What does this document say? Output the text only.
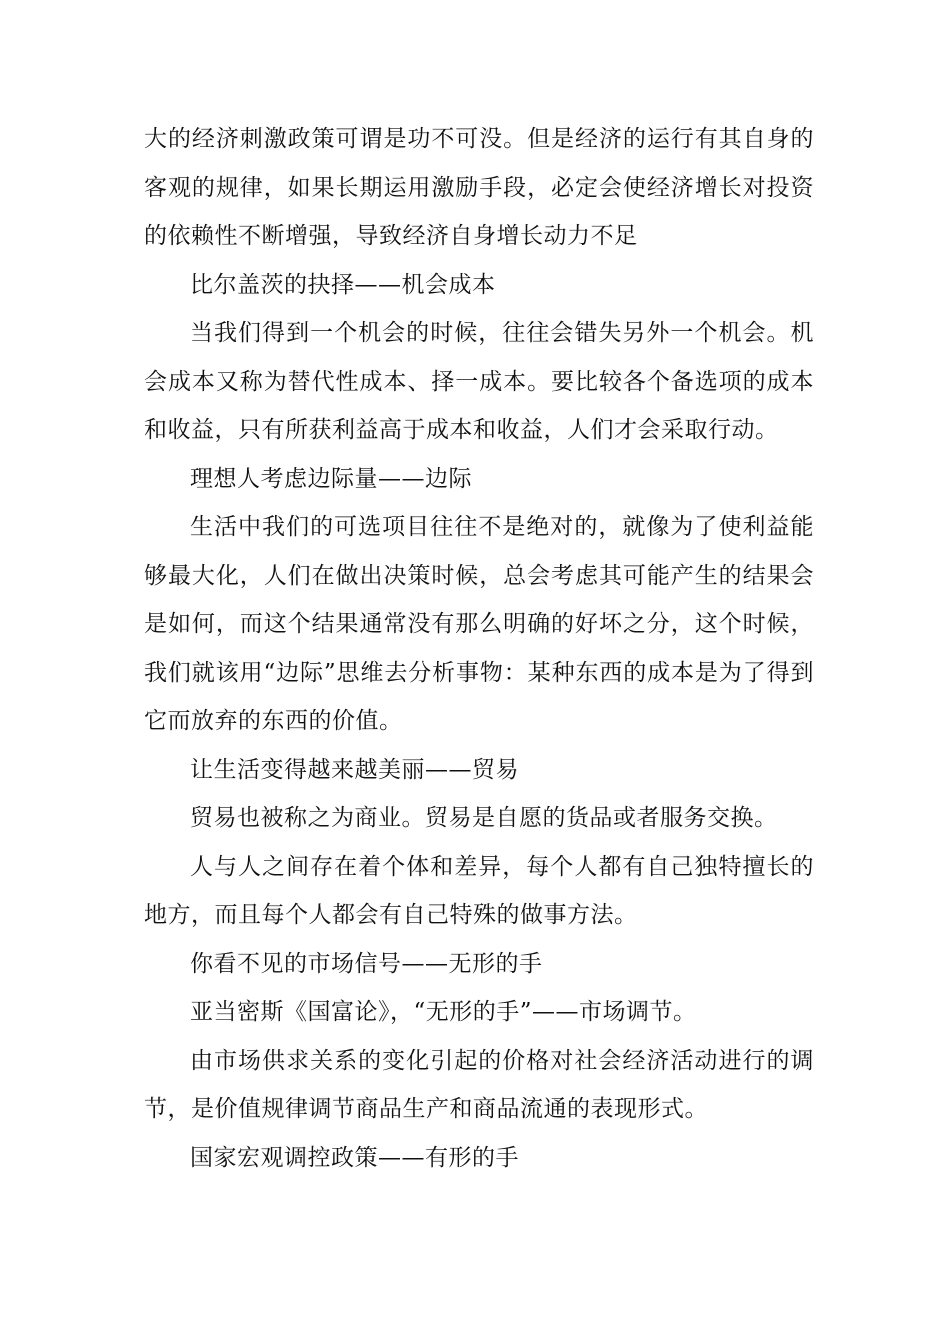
大的经济刺激政策可谓是功不可没。但是经济的运行有其自身的客观的规律，如果长期运用激励手段，必定会使经济增长对投资的依赖性不断增强，导致经济自身增长动力不足

比尔盖茨的抉择——机会成本

当我们得到一个机会的时候，往往会错失另外一个机会。机会成本又称为替代性成本、择一成本。要比较各个备选项的成本和收益，只有所获利益高于成本和收益，人们才会采取行动。

理想人考虑边际量——边际

生活中我们的可选项目往往不是绝对的，就像为了使利益能够最大化，人们在做出决策时候，总会考虑其可能产生的结果会是如何，而这个结果通常没有那么明确的好坏之分，这个时候，我们就该用“边际”思维去分析事物：某种东西的成本是为了得到它而放弃的东西的价值。

让生活变得越来越美丽——贸易

贸易也被称之为商业。贸易是自愿的货品或者服务交换。

人与人之间存在着个体和差异，每个人都有自己独特擅长的地方，而且每个人都会有自己特殊的做事方法。

你看不见的市场信号——无形的手

亚当密斯《国富论》，“无形的手”——市场调节。

由市场供求关系的变化引起的价格对社会经济活动进行的调节，是价值规律调节商品生产和商品流通的表现形式。

国家宏观调控政策——有形的手
